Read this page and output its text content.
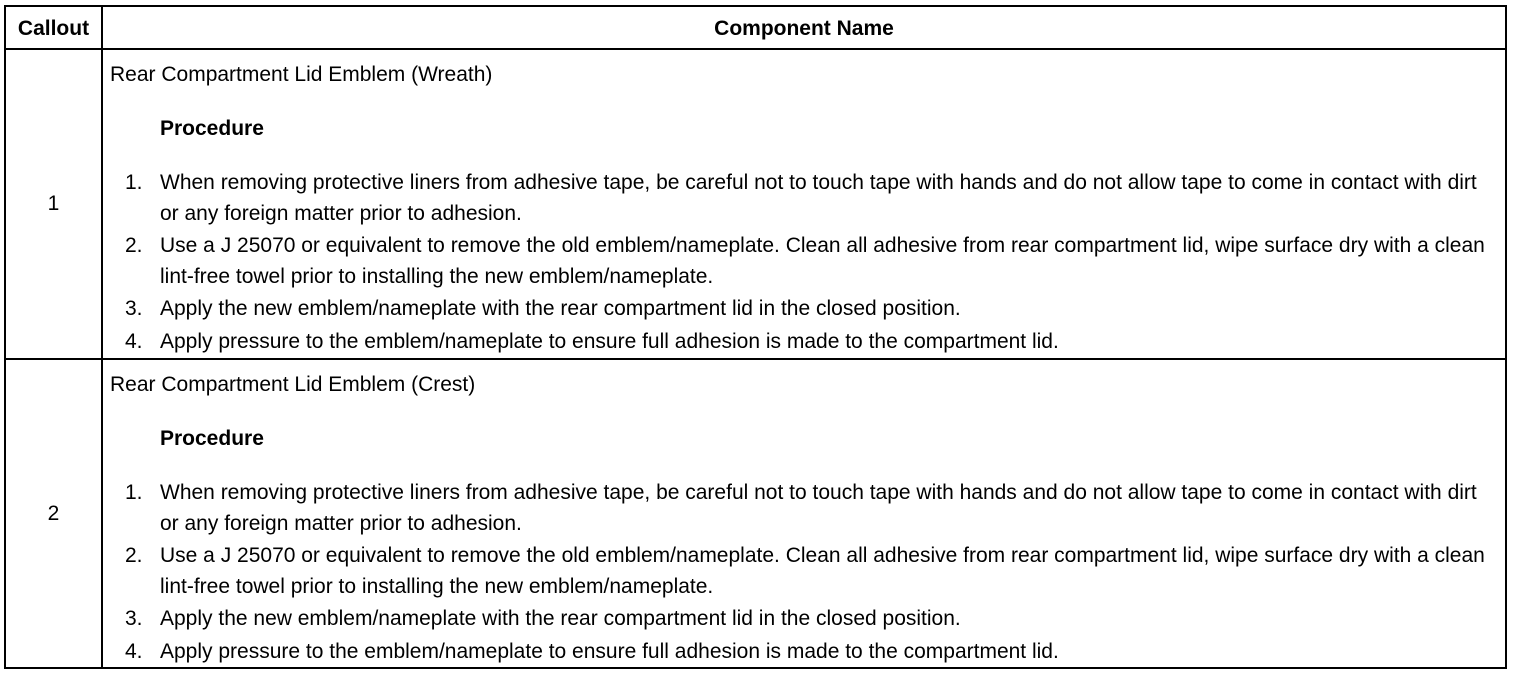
Callout	Component Name
1
Rear Compartment Lid Emblem (Wreath)
Procedure
1. When removing protective liners from adhesive tape, be careful not to touch tape with hands and do not allow tape to come in contact with dirt or any foreign matter prior to adhesion.
2. Use a J 25070 or equivalent to remove the old emblem/nameplate. Clean all adhesive from rear compartment lid, wipe surface dry with a clean lint-free towel prior to installing the new emblem/nameplate.
3. Apply the new emblem/nameplate with the rear compartment lid in the closed position.
4. Apply pressure to the emblem/nameplate to ensure full adhesion is made to the compartment lid.
2
Rear Compartment Lid Emblem (Crest)
Procedure
1. When removing protective liners from adhesive tape, be careful not to touch tape with hands and do not allow tape to come in contact with dirt or any foreign matter prior to adhesion.
2. Use a J 25070 or equivalent to remove the old emblem/nameplate. Clean all adhesive from rear compartment lid, wipe surface dry with a clean lint-free towel prior to installing the new emblem/nameplate.
3. Apply the new emblem/nameplate with the rear compartment lid in the closed position.
4. Apply pressure to the emblem/nameplate to ensure full adhesion is made to the compartment lid.
